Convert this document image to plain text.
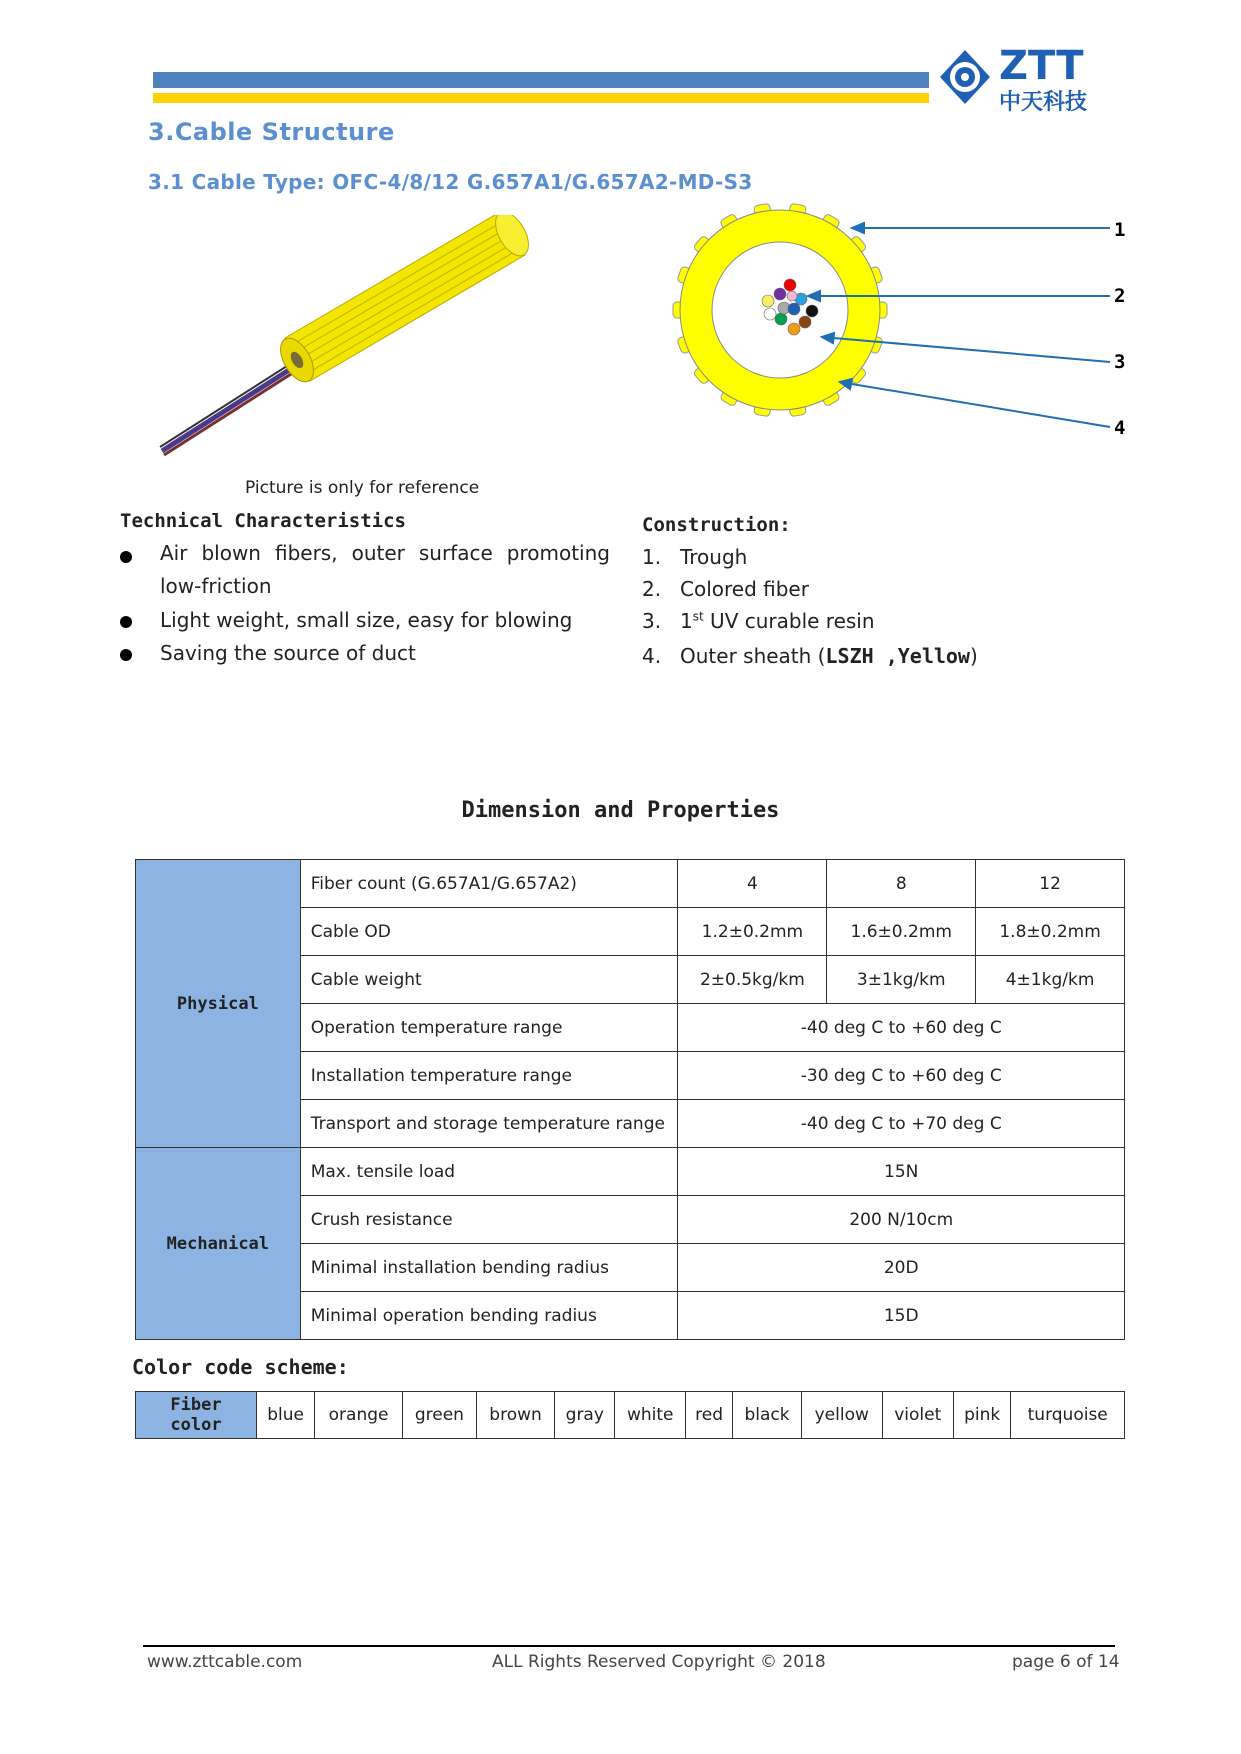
ZTT
中天科技
3.Cable Structure
3.1 Cable Type: OFC-4/8/12 G.657A1/G.657A2-MD-S3
1
2
3
4
Picture is only for reference
Technical Characteristics
Air blown fibers, outer surface promoting low-friction
Light weight, small size, easy for blowing
Saving the source of duct
Construction:
1. Trough
2. Colored fiber
3. 1st UV curable resin
4. Outer sheath (LSZH ,Yellow)
Dimension and Properties
Physical	Fiber count (G.657A1/G.657A2)	4	8	12
	Cable OD	1.2±0.2mm	1.6±0.2mm	1.8±0.2mm
	Cable weight	2±0.5kg/km	3±1kg/km	4±1kg/km
	Operation temperature range	-40 deg C to +60 deg C		
	Installation temperature range	-30 deg C to +60 deg C		
	Transport and storage temperature range	-40 deg C to +70 deg C		
Mechanical	Max. tensile load	15N		
	Crush resistance	200 N/10cm		
	Minimal installation bending radius	20D		
	Minimal operation bending radius	15D		
Color code scheme:
Fiber color	blue	orange	green	brown	gray	white	red	black	yellow	violet	pink	turquoise
www.zttcable.com	ALL Rights Reserved Copyright © 2018	page 6 of 14
